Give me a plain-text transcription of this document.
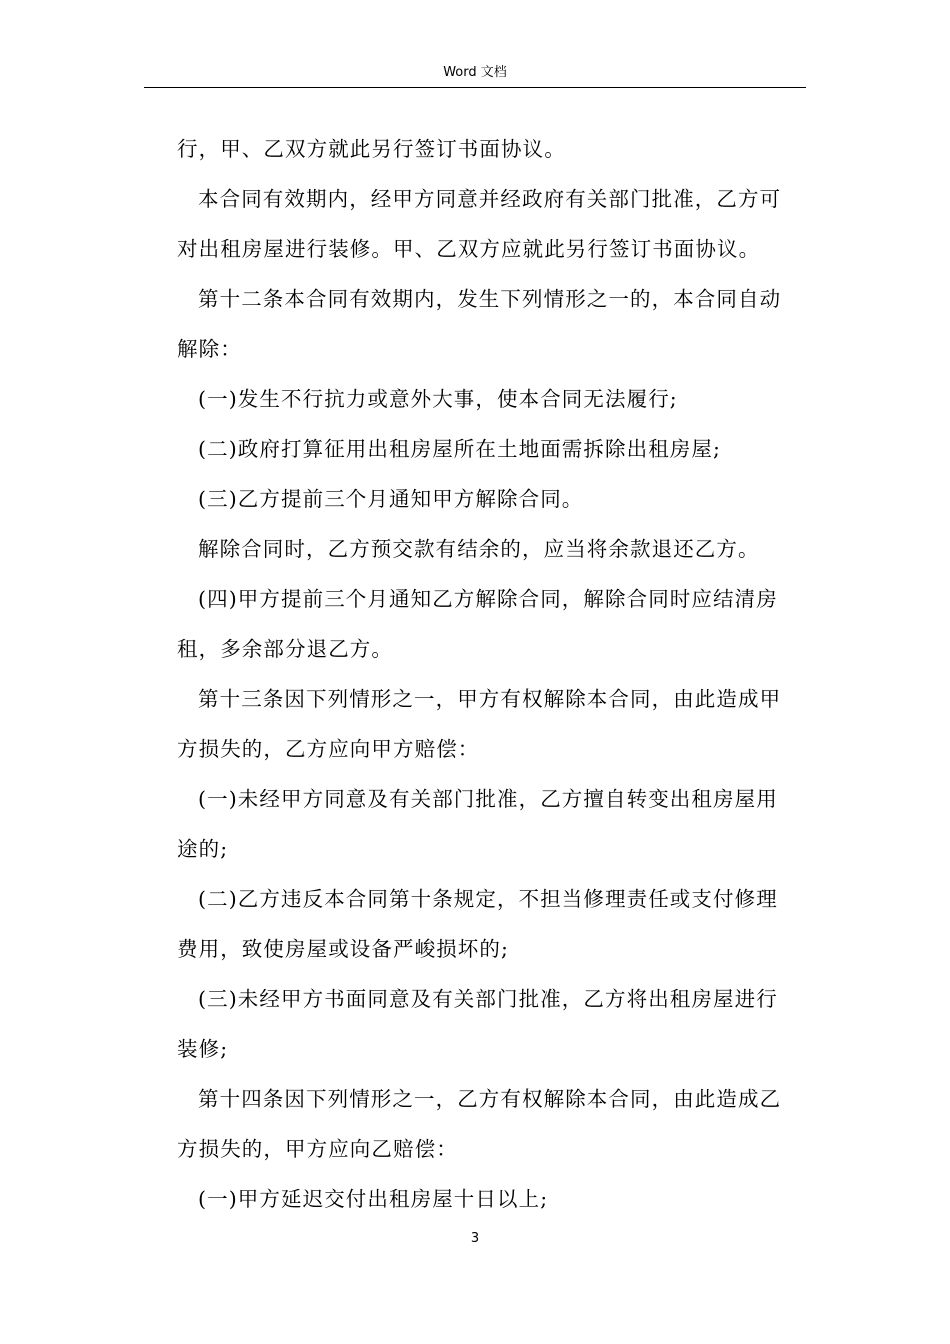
Word 文档

行，甲、乙双方就此另行签订书面协议。

本合同有效期内，经甲方同意并经政府有关部门批准，乙方可

对出租房屋进行装修。甲、乙双方应就此另行签订书面协议。

第十二条本合同有效期内，发生下列情形之一的，本合同自动

解除：

(一)发生不行抗力或意外大事，使本合同无法履行;

(二)政府打算征用出租房屋所在土地面需拆除出租房屋;

(三)乙方提前三个月通知甲方解除合同。

解除合同时，乙方预交款有结余的，应当将余款退还乙方。

(四)甲方提前三个月通知乙方解除合同，解除合同时应结清房

租，多余部分退乙方。

第十三条因下列情形之一，甲方有权解除本合同，由此造成甲

方损失的，乙方应向甲方赔偿：

(一)未经甲方同意及有关部门批准，乙方擅自转变出租房屋用

途的;

(二)乙方违反本合同第十条规定，不担当修理责任或支付修理

费用，致使房屋或设备严峻损坏的;

(三)未经甲方书面同意及有关部门批准，乙方将出租房屋进行

装修;

第十四条因下列情形之一，乙方有权解除本合同，由此造成乙

方损失的，甲方应向乙赔偿：

(一)甲方延迟交付出租房屋十日以上;

3
